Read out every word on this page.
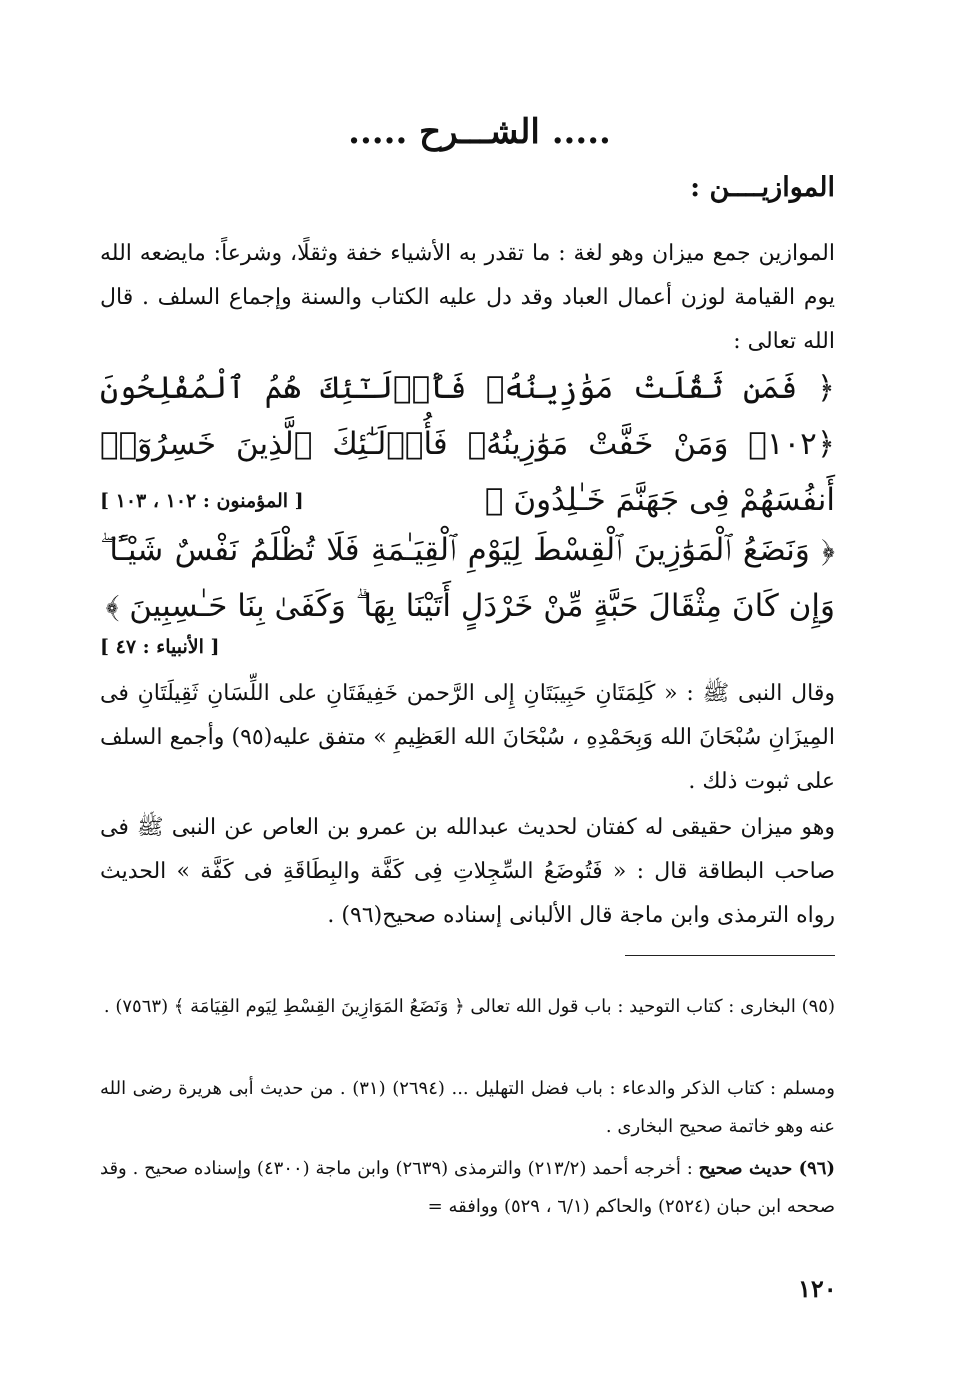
..... الشـــرح .....
الموازيــــن :
الموازين جمع ميزان وهو لغة : ما تقدر به الأشياء خفة وثقلًا، وشرعاً: مايضعه الله يوم القيامة لوزن أعمال العباد وقد دل عليه الكتاب والسنة وإجماع السلف . قال الله تعالى :
﴿ فَمَن ثَقُلَتْ مَوَٰزِينُهُۥ فَأُو۟لَـٰٓئِكَ هُمُ ٱلْمُفْلِحُونَ ﴿١٠٢﴾ وَمَنْ خَفَّتْ مَوَٰزِينُهُۥ فَأُو۟لَـٰٓئِكَ ٱلَّذِينَ خَسِرُوٓا۟ أَنفُسَهُمْ فِى جَهَنَّمَ خَـٰلِدُونَ ﴾
[ المؤمنون : ١٠٢ ، ١٠٣ ]
﴿ وَنَضَعُ ٱلْمَوَٰزِينَ ٱلْقِسْطَ لِيَوْمِ ٱلْقِيَـٰمَةِ فَلَا تُظْلَمُ نَفْسٌ شَيْـًٔا ۖ وَإِن كَانَ مِثْقَالَ حَبَّةٍ مِّنْ خَرْدَلٍ أَتَيْنَا بِهَا ۗ وَكَفَىٰ بِنَا حَـٰسِبِينَ ﴾
[ الأنبياء : ٤٧ ]
وقال النبى ﷺ : « كَلِمَتَانِ حَبِيبَتَانِ إِلى الرَّحمن خَفِيفَتَانِ على اللِّسَانِ ثَقِيلَتَانِ فى المِيزَانِ سُبْحَانَ الله وَبِحَمْدِهِ ، سُبْحَانَ الله العَظِيمِ » متفق عليه(٩٥) وأجمع السلف على ثبوت ذلك .
وهو ميزان حقيقى له كفتان لحديث عبدالله بن عمرو بن العاص عن النبى ﷺ فى صاحب البطاقة قال : « فَتُوضَعُ السِّجِلاتِ فِى كَفَّة والبِطَاقَةِ فى كَفَّة » الحديث رواه الترمذى وابن ماجة قال الألبانى إسناده صحيح(٩٦) .
(٩٥) البخارى : كتاب التوحيد : باب قول الله تعالى ﴿ وَنَضَعُ المَوَازِينَ القِسْطِ لِيَوم القِيَامَة ﴾ (٧٥٦٣) .
ومسلم : كتاب الذكر والدعاء : باب فضل التهليل ... (٢٦٩٤) (٣١) . من حديث أبى هريرة رضى الله عنه وهو خاتمة صحيح البخارى .
(٩٦) حديث صحيح : أخرجه أحمد (٢١٣/٢) والترمذى (٢٦٣٩) وابن ماجة (٤٣٠٠) وإسناده صحيح . وقد صححه ابن حبان (٢٥٢٤) والحاكم (٦/١ ، ٥٢٩) ووافقه =
١٢٠
